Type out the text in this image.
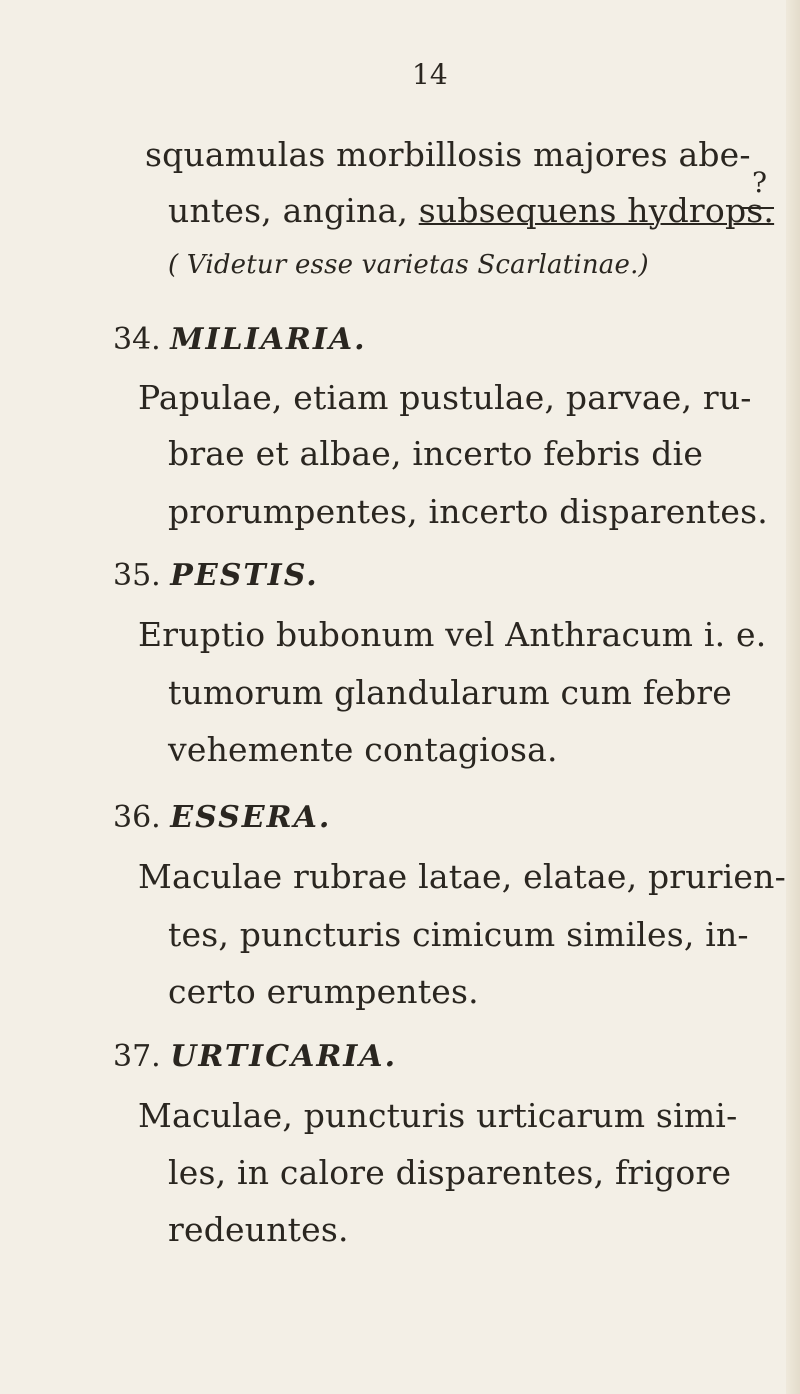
14
squamulas morbillosis majores abe-
untes, angina, subsequens hydrops.
( Videtur esse varietas Scarlatinae.)
?
34. MILIARIA.
Papulae, etiam pustulae, parvae, ru-
brae et albae, incerto febris die
prorumpentes, incerto disparentes.
35. PESTIS.
Eruptio bubonum vel Anthracum i. e.
tumorum glandularum cum febre
vehemente contagiosa.
36. ESSERA.
Maculae rubrae latae, elatae, prurien-
tes, puncturis cimicum similes, in-
certo erumpentes.
37. URTICARIA.
Maculae, puncturis urticarum simi-
les, in calore disparentes, frigore
redeuntes.
